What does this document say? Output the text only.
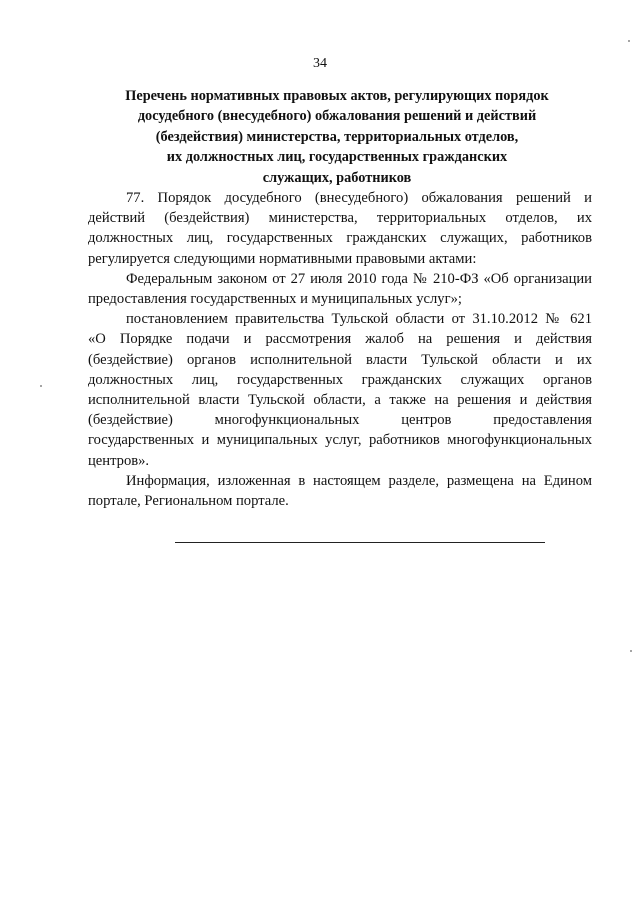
34
Перечень нормативных правовых актов, регулирующих порядок
досудебного (внесудебного) обжалования решений и действий
(бездействия) министерства, территориальных отделов,
их должностных лиц, государственных гражданских
служащих, работников
77. Порядок досудебного (внесудебного) обжалования решений и
действий (бездействия) министерства, территориальных отделов, их
должностных лиц, государственных гражданских служащих, работников
регулируется следующими нормативными правовыми актами:
Федеральным законом от 27 июля 2010 года № 210-ФЗ «Об организации
предоставления государственных и муниципальных услуг»;
постановлением правительства Тульской области от 31.10.2012 № 621
«О Порядке подачи и рассмотрения жалоб на решения и действия
(бездействие) органов исполнительной власти Тульской области и их
должностных лиц, государственных гражданских служащих органов
исполнительной власти Тульской области, а также на решения и действия
(бездействие) многофункциональных центров предоставления
государственных и муниципальных услуг, работников многофункциональных
центров».
Информация, изложенная в настоящем разделе, размещена на Едином
портале, Региональном портале.
